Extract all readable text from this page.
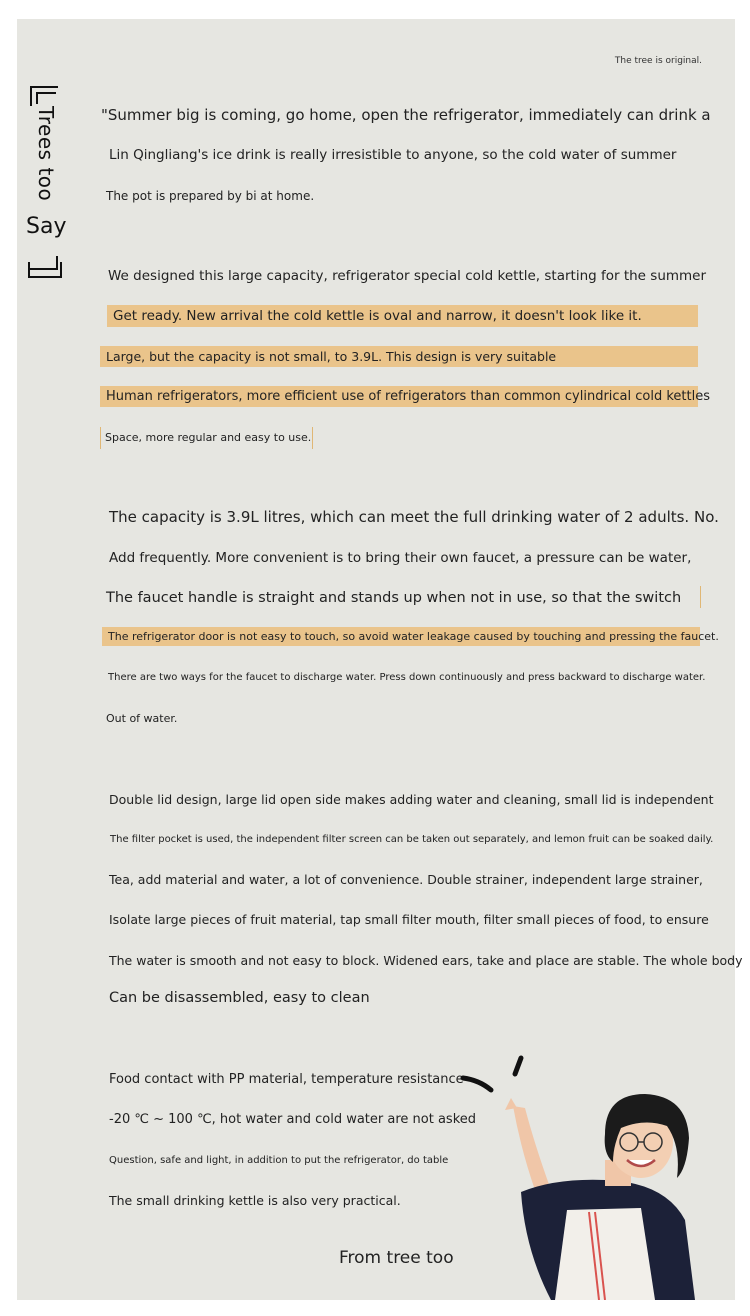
The tree is original.
Trees too
Say
"Summer big is coming, go home, open the refrigerator, immediately can drink a
Lin Qingliang's ice drink is really irresistible to anyone, so the cold water of summer
The pot is prepared by bi at home.
We designed this large capacity, refrigerator special cold kettle, starting for the summer
Get ready. New arrival the cold kettle is oval and narrow, it doesn't look like it.
Large, but the capacity is not small, to 3.9L. This design is very suitable
Human refrigerators, more efficient use of refrigerators than common cylindrical cold kettles
Space, more regular and easy to use.
The capacity is 3.9L litres, which can meet the full drinking water of 2 adults. No.
Add frequently. More convenient is to bring their own faucet, a pressure can be water,
The faucet handle is straight and stands up when not in use, so that the switch
The refrigerator door is not easy to touch, so avoid water leakage caused by touching and pressing the faucet.
There are two ways for the faucet to discharge water. Press down continuously and press backward to discharge water.
Out of water.
Double lid design, large lid open side makes adding water and cleaning, small lid is independent
The filter pocket is used, the independent filter screen can be taken out separately, and lemon fruit can be soaked daily.
Tea, add material and water, a lot of convenience. Double strainer, independent large strainer,
Isolate large pieces of fruit material, tap small filter mouth, filter small pieces of food, to ensure
The water is smooth and not easy to block. Widened ears, take and place are stable. The whole body
Can be disassembled, easy to clean
Food contact with PP material, temperature resistance
-20 ℃ ~ 100 ℃, hot water and cold water are not asked
Question, safe and light, in addition to put the refrigerator, do table
The small drinking kettle is also very practical.
From tree too
